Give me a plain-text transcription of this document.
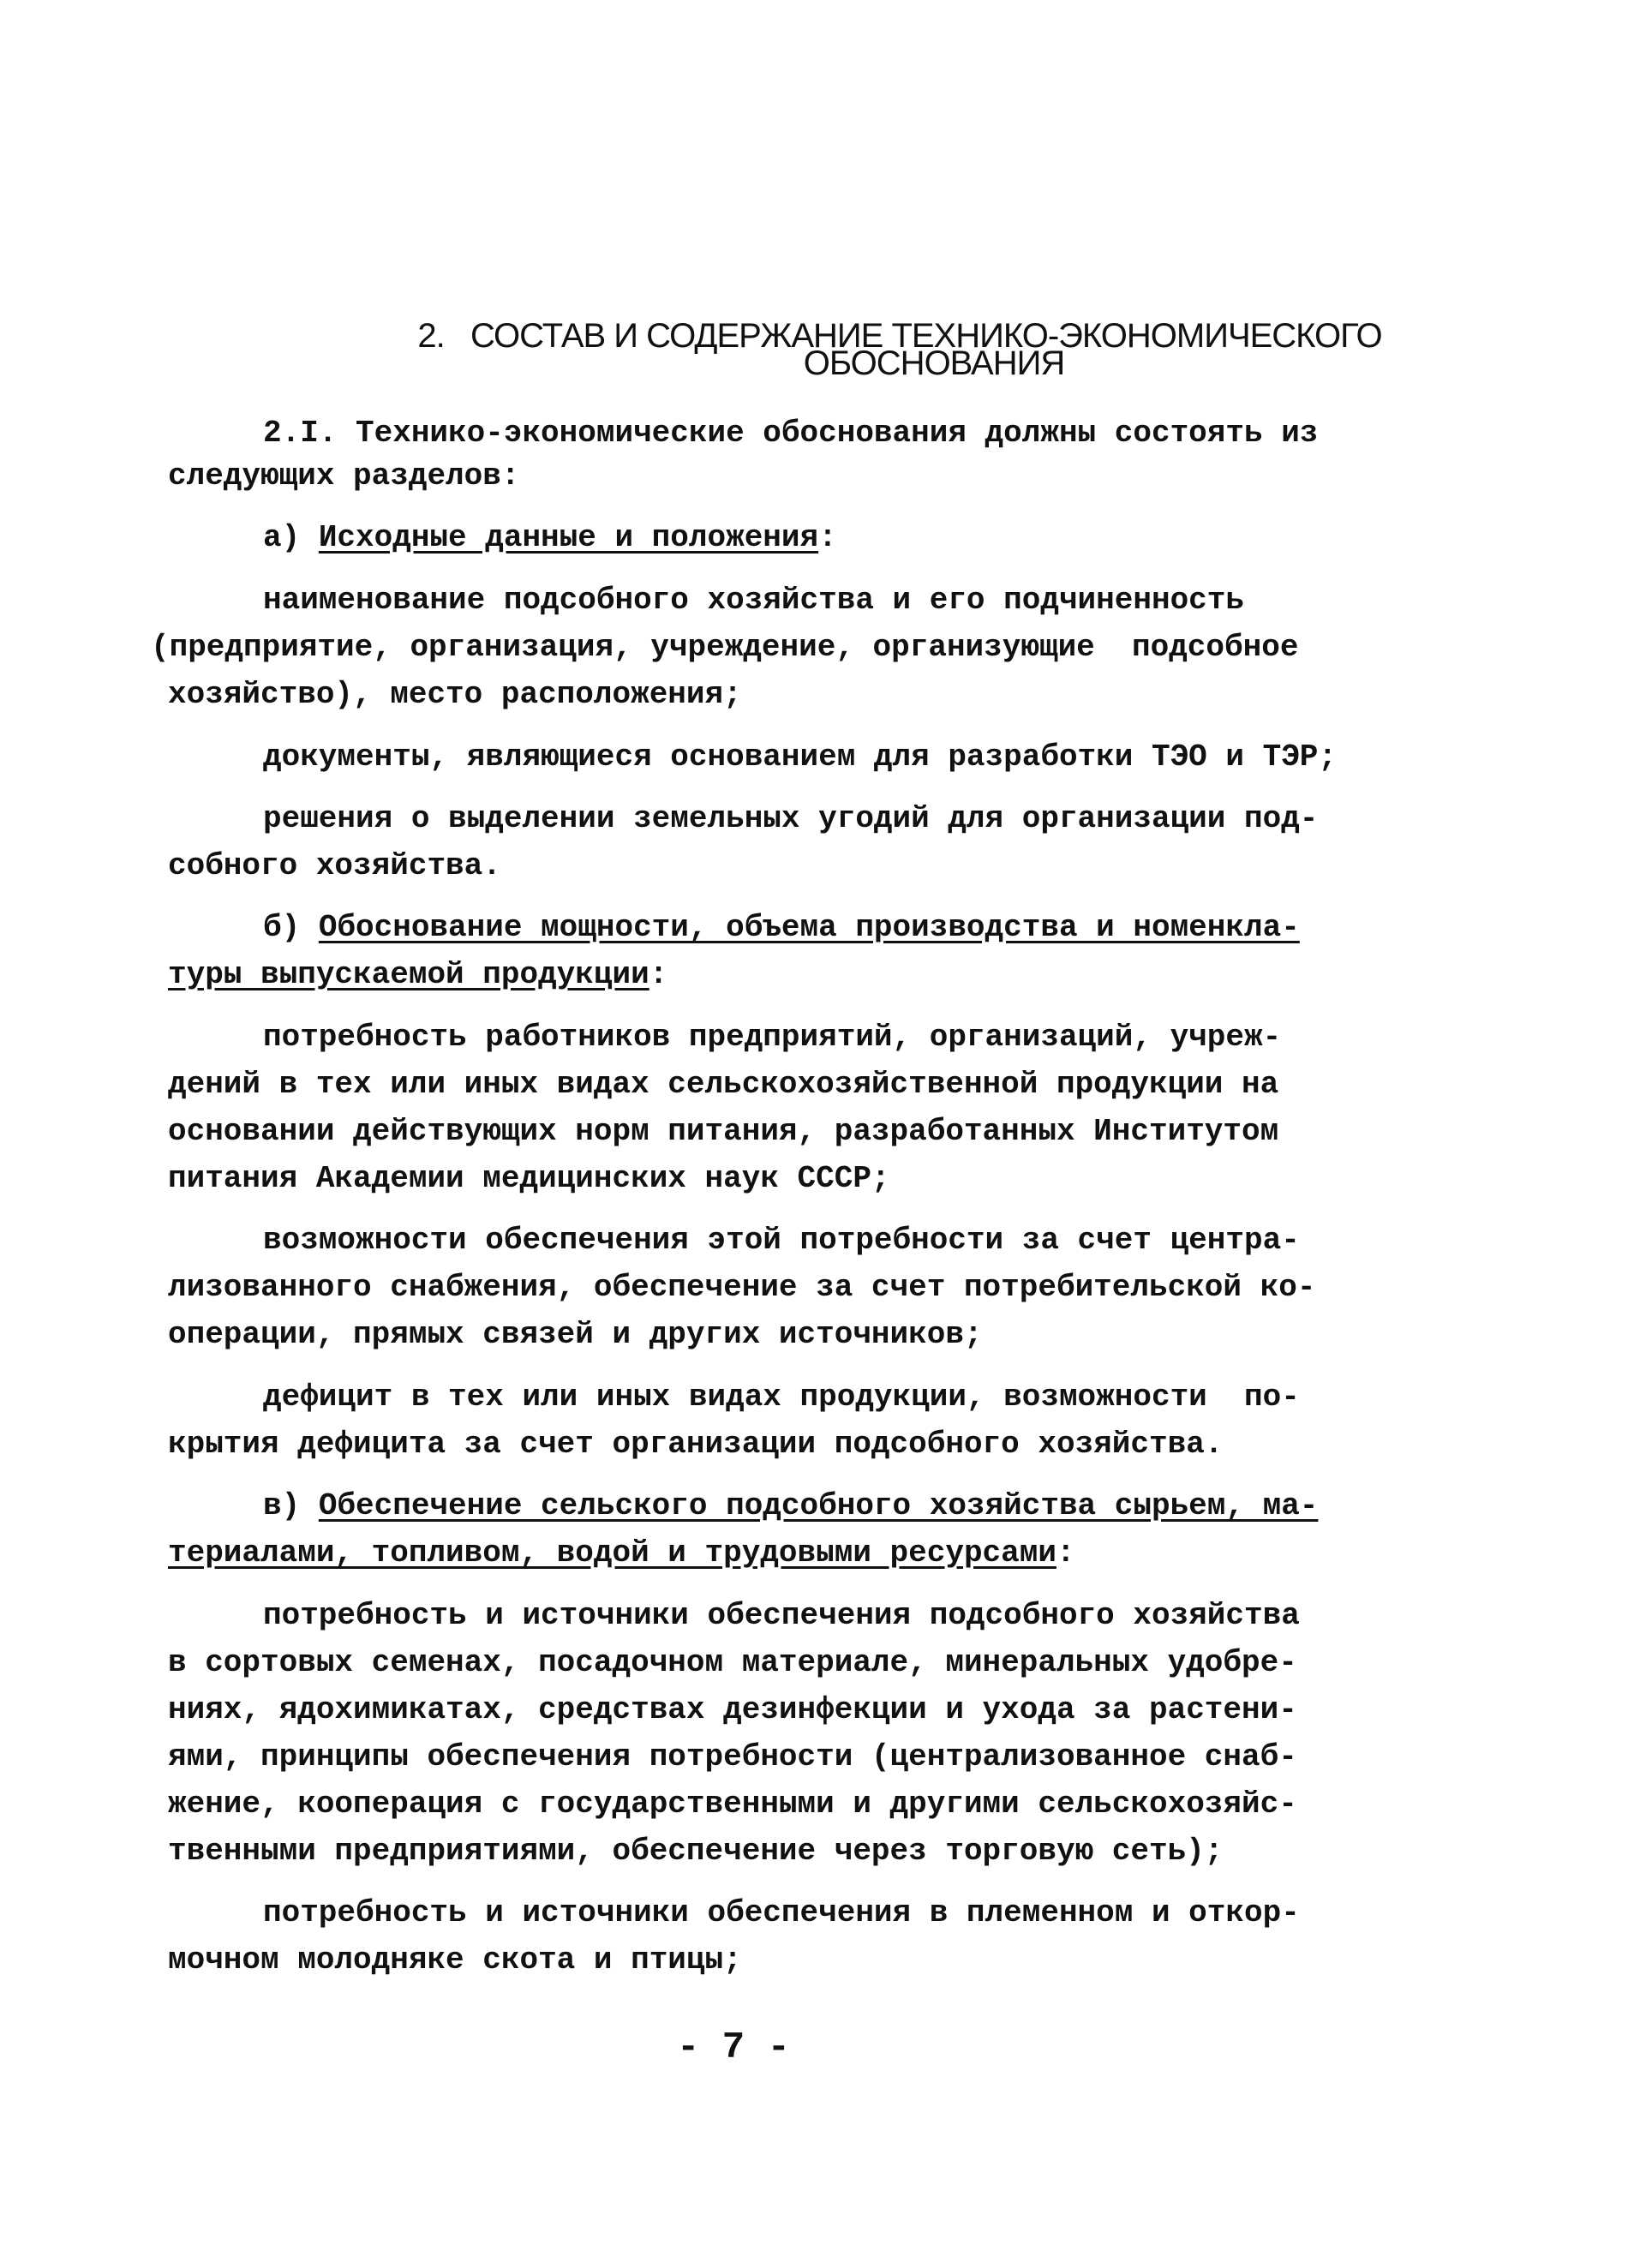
2. СОСТАВ И СОДЕРЖАНИЕ ТЕХНИКО-ЭКОНОМИЧЕСКОГО
ОБОСНОВАНИЯ
2.I. Технико-экономические обоснования должны состоять из
следующих разделов:
а) Исходные данные и положения:
наименование подсобного хозяйства и его подчиненность
(предприятие, организация, учреждение, организующие  подсобное
хозяйство), место расположения;
документы, являющиеся основанием для разработки ТЭО и ТЭР;
решения о выделении земельных угодий для организации под-
собного хозяйства.
б) Обоснование мощности, объема производства и номенкла-
туры выпускаемой продукции:
потребность работников предприятий, организаций, учреж-
дений в тех или иных видах сельскохозяйственной продукции на
основании действующих норм питания, разработанных Институтом
питания Академии медицинских наук СССР;
возможности обеспечения этой потребности за счет центра-
лизованного снабжения, обеспечение за счет потребительской ко-
операции, прямых связей и других источников;
дефицит в тех или иных видах продукции, возможности  по-
крытия дефицита за счет организации подсобного хозяйства.
в) Обеспечение сельского подсобного хозяйства сырьем, ма-
териалами, топливом, водой и трудовыми ресурсами:
потребность и источники обеспечения подсобного хозяйства
в сортовых семенах, посадочном материале, минеральных удобре-
ниях, ядохимикатах, средствах дезинфекции и ухода за растени-
ями, принципы обеспечения потребности (централизованное снаб-
жение, кооперация с государственными и другими сельскохозяйс-
твенными предприятиями, обеспечение через торговую сеть);
потребность и источники обеспечения в племенном и откор-
мочном молодняке скота и птицы;
- 7 -
